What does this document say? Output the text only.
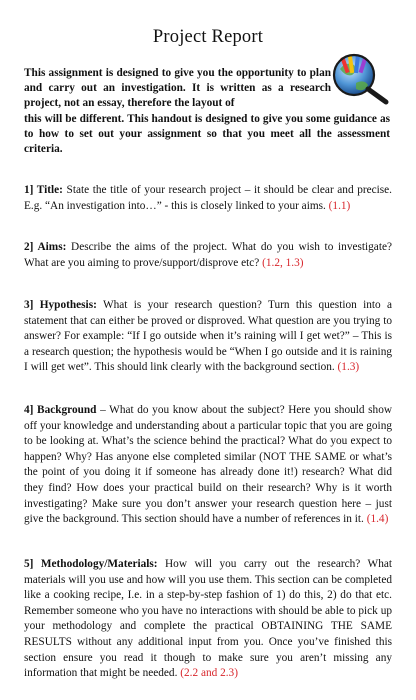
Project Report
This assignment is designed to give you the opportunity to plan and carry out an investigation. It is written as a research project, not an essay, therefore the layout of
this will be different. This handout is designed to give you some guidance as to how to set out your assignment so that you meet all the assessment criteria.
1] Title: State the title of your research project – it should be clear and precise. E.g. “An investigation into…” - this is closely linked to your aims. (1.1)
2] Aims: Describe the aims of the project. What do you wish to investigate? What are you aiming to prove/support/disprove etc? (1.2, 1.3)
3] Hypothesis: What is your research question? Turn this question into a statement that can either be proved or disproved. What question are you trying to answer? For example: “If I go outside when it’s raining will I get wet?” – This is a research question; the hypothesis would be “When I go outside and it is raining I will get wet”. This should link clearly with the background section. (1.3)
4] Background – What do you know about the subject? Here you should show off your knowledge and understanding about a particular topic that you are going to be looking at. What’s the science behind the practical? What do you expect to happen? Why? Has anyone else completed similar (NOT THE SAME or what’s the point of you doing it if someone has already done it!) research? What did they find? How does your practical build on their research? Why is it worth investigating? Make sure you don’t answer your research question here – just give the background. This section should have a number of references in it. (1.4)
5] Methodology/Materials: How will you carry out the research? What materials will you use and how will you use them. This section can be completed like a cooking recipe, I.e. in a step-by-step fashion of 1) do this, 2) do that etc. Remember someone who you have no interactions with should be able to pick up your methodology and complete the practical OBTAINING THE SAME RESULTS without any additional input from you. Once you’ve finished this section ensure you read it though to make sure you aren’t missing any information that might be needed. (2.2 and 2.3)
